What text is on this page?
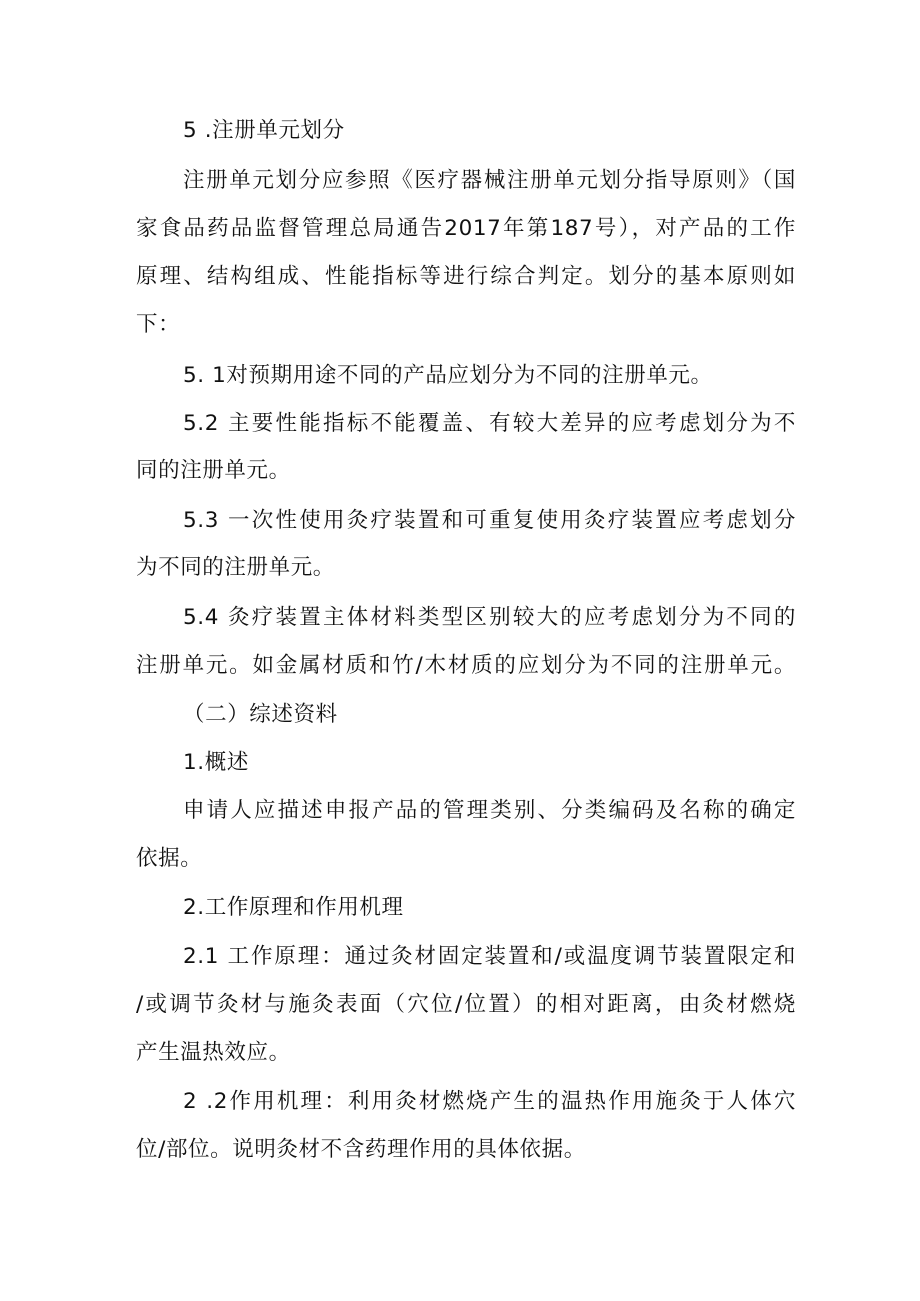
5 .注册单元划分
注册单元划分应参照《医疗器械注册单元划分指导原则》（国
家食品药品监督管理总局通告2017年第187号），对产品的工作
原理、结构组成、性能指标等进行综合判定。划分的基本原则如
下：
5. 1对预期用途不同的产品应划分为不同的注册单元。
5.2 主要性能指标不能覆盖、有较大差异的应考虑划分为不
同的注册单元。
5.3 一次性使用灸疗装置和可重复使用灸疗装置应考虑划分
为不同的注册单元。
5.4 灸疗装置主体材料类型区别较大的应考虑划分为不同的
注册单元。如金属材质和竹/木材质的应划分为不同的注册单元。
（二）综述资料
1.概述
申请人应描述申报产品的管理类别、分类编码及名称的确定
依据。
2.工作原理和作用机理
2.1 工作原理：通过灸材固定装置和/或温度调节装置限定和
/或调节灸材与施灸表面（穴位/位置）的相对距离，由灸材燃烧
产生温热效应。
2 .2作用机理：利用灸材燃烧产生的温热作用施灸于人体穴
位/部位。说明灸材不含药理作用的具体依据。
